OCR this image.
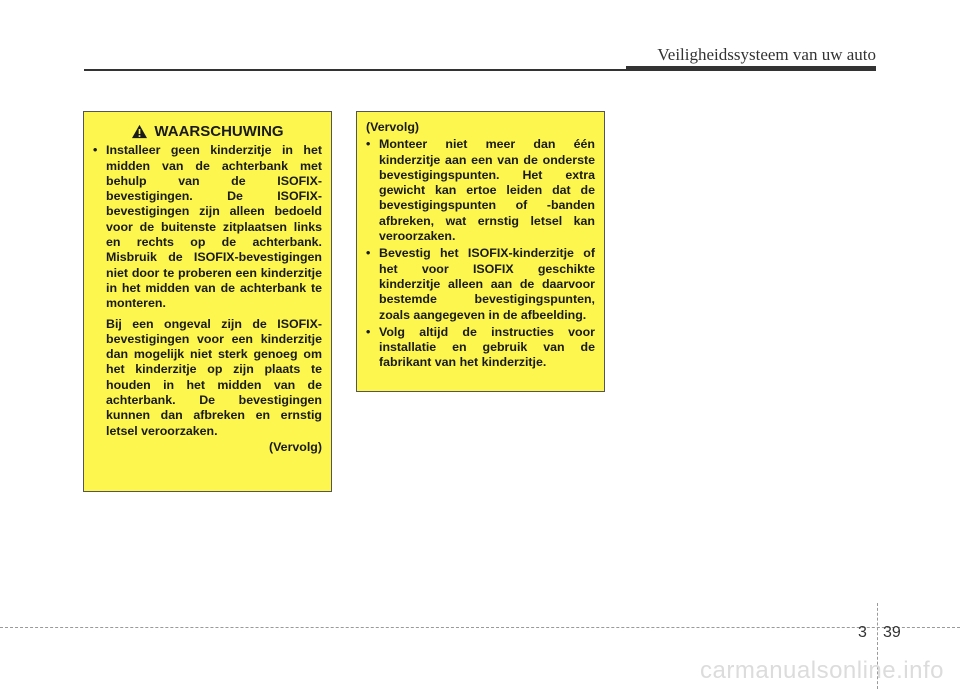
Veiligheidssysteem van uw auto
WAARSCHUWING
• Installeer geen kinderzitje in het midden van de achterbank met behulp van de ISOFIX-bevestigingen. De ISOFIX-bevestigingen zijn alleen bedoeld voor de buitenste zitplaatsen links en rechts op de achterbank. Misbruik de ISOFIX-bevestigingen niet door te proberen een kinderzitje in het midden van de achterbank te monteren.
Bij een ongeval zijn de ISOFIX-bevestigingen voor een kinderzitje dan mogelijk niet sterk genoeg om het kinderzitje op zijn plaats te houden in het midden van de achterbank. De bevestigingen kunnen dan afbreken en ernstig letsel veroorzaken.
(Vervolg)
(Vervolg)
• Monteer niet meer dan één kinderzitje aan een van de onderste bevestigingspunten. Het extra gewicht kan ertoe leiden dat de bevestigingspunten of -banden afbreken, wat ernstig letsel kan veroorzaken.
• Bevestig het ISOFIX-kinderzitje of het voor ISOFIX geschikte kinderzitje alleen aan de daarvoor bestemde bevestigingspunten, zoals aangegeven in de afbeelding.
• Volg altijd de instructies voor installatie en gebruik van de fabrikant van het kinderzitje.
3 39
carmanualsonline.info
